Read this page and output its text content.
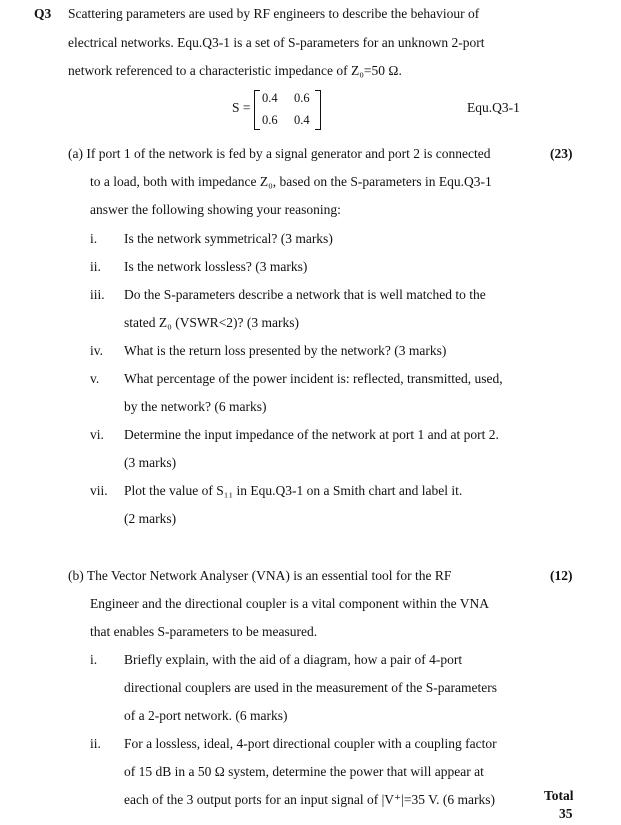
Q3 Scattering parameters are used by RF engineers to describe the behaviour of
electrical networks. Equ.Q3-1 is a set of S-parameters for an unknown 2-port
network referenced to a characteristic impedance of Z₀=50 Ω.
S =
0.4 0.6
0.6 0.4
Equ.Q3-1
(a) If port 1 of the network is fed by a signal generator and port 2 is connected	(23)
to a load, both with impedance Z₀, based on the S-parameters in Equ.Q3-1
answer the following showing your reasoning:
i. Is the network symmetrical? (3 marks)
ii. Is the network lossless? (3 marks)
iii. Do the S-parameters describe a network that is well matched to the
stated Z₀ (VSWR<2)? (3 marks)
iv. What is the return loss presented by the network? (3 marks)
v. What percentage of the power incident is: reflected, transmitted, used,
by the network? (6 marks)
vi. Determine the input impedance of the network at port 1 and at port 2.
(3 marks)
vii. Plot the value of S₁₁ in Equ.Q3-1 on a Smith chart and label it.
(2 marks)
(b) The Vector Network Analyser (VNA) is an essential tool for the RF	(12)
Engineer and the directional coupler is a vital component within the VNA
that enables S-parameters to be measured.
i. Briefly explain, with the aid of a diagram, how a pair of 4-port
directional couplers are used in the measurement of the S-parameters
of a 2-port network. (6 marks)
ii. For a lossless, ideal, 4-port directional coupler with a coupling factor
of 15 dB in a 50 Ω system, determine the power that will appear at
each of the 3 output ports for an input signal of |V⁺|=35 V. (6 marks)	Total
35
